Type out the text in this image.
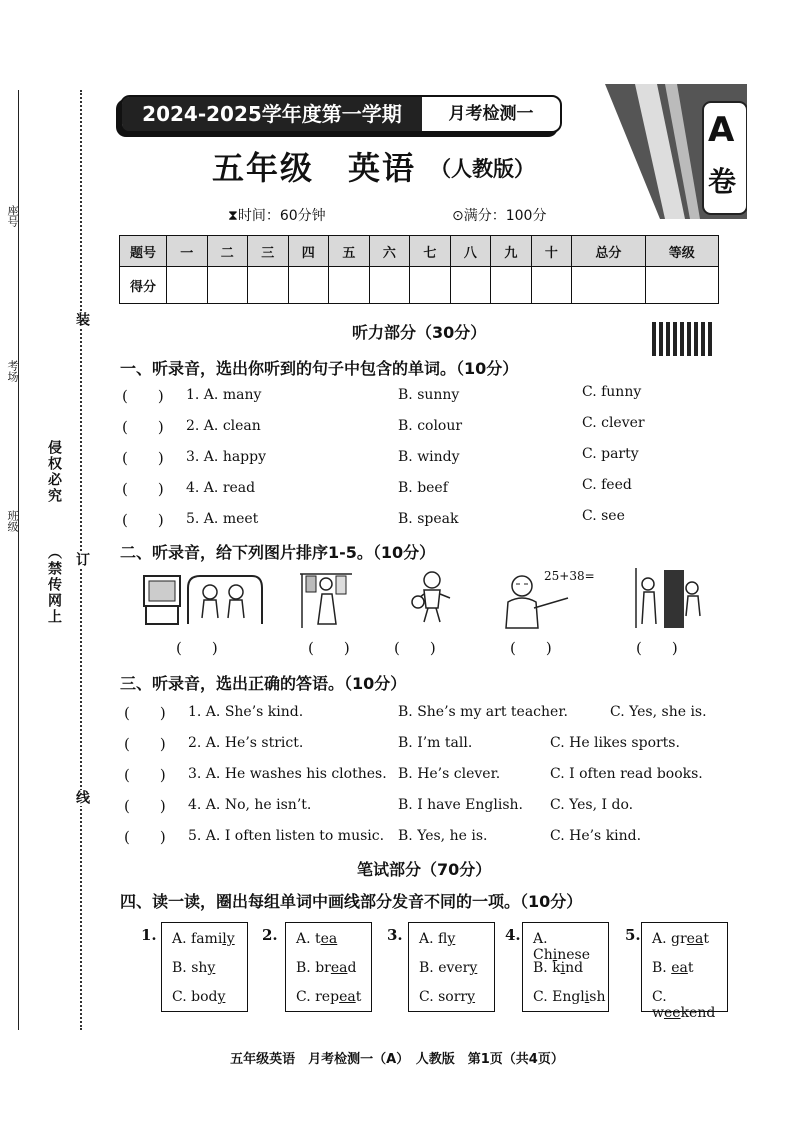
座号
考场
班级
侵权必究
（禁传网上
装
订
线
2024-2025学年度第一学期	月考检测一	A
卷
五年级　英语 （人教版）
⧗时间：60分钟	⊙满分：100分
题号	一	二	三	四	五	六	七	八	九	十	总分	等级
得分												
听力部分（30分）
一、听录音，选出你听到的句子中包含的单词。（10分）
(　　) 1. A. many	B. sunny	C. funny
(　　) 2. A. clean	B. colour	C. clever
(　　) 3. A. happy	B. windy	C. party
(　　) 4. A. read	B. beef	C. feed
(　　) 5. A. meet	B. speak	C. see
二、听录音，给下列图片排序1-5。（10分）
25+38=
(　　)	(　　)	(　　)	(　　)	(　　)
三、听录音，选出正确的答语。（10分）
(　　) 1. A. She’s kind.	B. She’s my art teacher.	C. Yes, she is.
(　　) 2. A. He’s strict.	B. I’m tall.	C. He likes sports.
(　　) 3. A. He washes his clothes. B. He’s clever.	C. I often read books.
(　　) 4. A. No, he isn’t.	B. I have English. C. Yes, I do.
(　　) 5. A. I often listen to music. B. Yes, he is.	C. He’s kind.
笔试部分（70分）
四、读一读，圈出每组单词中画线部分发音不同的一项。（10分）
1. A. family
B. shy
C. body
2. A. tea
B. bread
C. repeat
3. A. fly
B. every
C. sorry
4. A. Chinese
B. kind
C. English
5. A. great
B. eat
C. weekend
五年级英语　月考检测一（A）　人教版　第1页（共4页）
